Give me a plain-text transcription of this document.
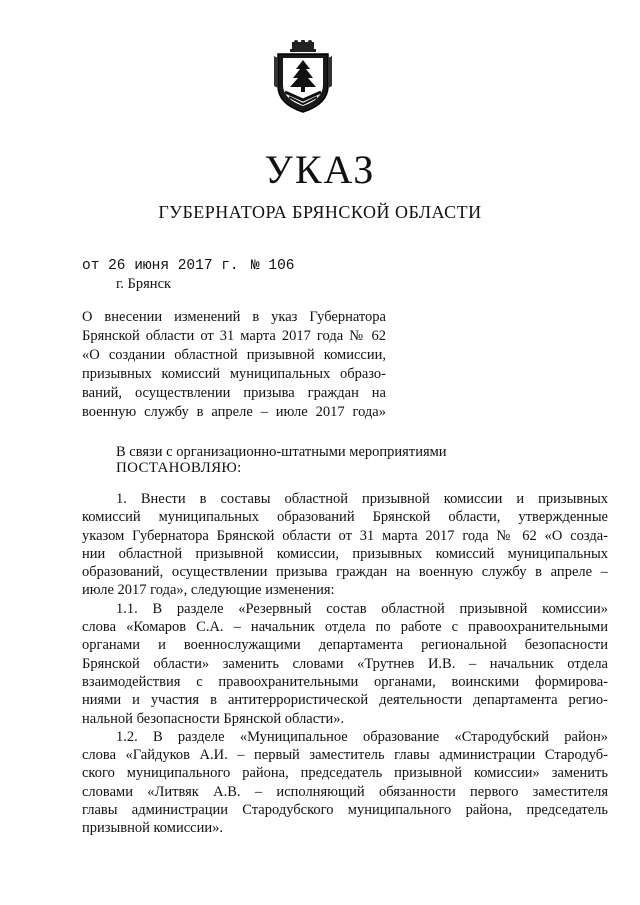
УКАЗ
ГУБЕРНАТОРА БРЯНСКОЙ ОБЛАСТИ
от 26 июня 2017 г. № 106
г. Брянск
О внесении изменений в указ Губернатора
Брянской области от 31 марта 2017 года № 62
«О создании областной призывной комиссии,
призывных комиссий муниципальных образо-
ваний, осуществлении призыва граждан на
военную службу в апреле – июле 2017 года»
В связи с организационно-штатными мероприятиями
ПОСТАНОВЛЯЮ:
1. Внести в составы областной призывной комиссии и призывных
комиссий муниципальных образований Брянской области, утвержденные
указом Губернатора Брянской области от 31 марта 2017 года № 62 «О созда-
нии областной призывной комиссии, призывных комиссий муниципальных
образований, осуществлении призыва граждан на военную службу в апреле –
июле 2017 года», следующие изменения:
1.1. В разделе «Резервный состав областной призывной комиссии»
слова «Комаров С.А. – начальник отдела по работе с правоохранительными
органами и военнослужащими департамента региональной безопасности
Брянской области» заменить словами «Трутнев И.В. – начальник отдела
взаимодействия с правоохранительными органами, воинскими формирова-
ниями и участия в антитеррористической деятельности департамента регио-
нальной безопасности Брянской области».
1.2. В разделе «Муниципальное образование «Стародубский район»
слова «Гайдуков А.И. – первый заместитель главы администрации Стародуб-
ского муниципального района, председатель призывной комиссии» заменить
словами «Литвяк А.В. – исполняющий обязанности первого заместителя
главы администрации Стародубского муниципального района, председатель
призывной комиссии».
